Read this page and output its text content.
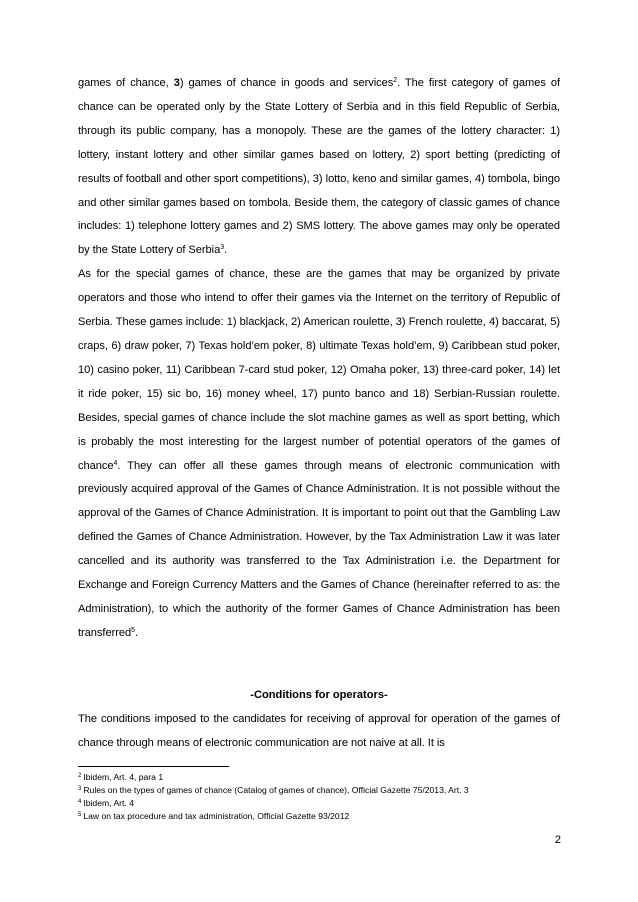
games of chance, 3) games of chance in goods and services$^2$. The first category of games of chance can be operated only by the State Lottery of Serbia and in this field Republic of Serbia, through its public company, has a monopoly. These are the games of the lottery character: 1) lottery, instant lottery and other similar games based on lottery, 2) sport betting (predicting of results of football and other sport competitions), 3) lotto, keno and similar games, 4) tombola, bingo and other similar games based on tombola. Beside them, the category of classic games of chance includes: 1) telephone lottery games and 2) SMS lottery. The above games may only be operated by the State Lottery of Serbia$^3$.

As for the special games of chance, these are the games that may be organized by private operators and those who intend to offer their games via the Internet on the territory of Republic of Serbia. These games include: 1) blackjack, 2) American roulette, 3) French roulette, 4) baccarat, 5) craps, 6) draw poker, 7) Texas hold’em poker, 8) ultimate Texas hold’em, 9) Caribbean stud poker, 10) casino poker, 11) Caribbean 7-card stud poker, 12) Omaha poker, 13) three-card poker, 14) let it ride poker, 15) sic bo, 16) money wheel, 17) punto banco and 18) Serbian-Russian roulette. Besides, special games of chance include the slot machine games as well as sport betting, which is probably the most interesting for the largest number of potential operators of the games of chance$^4$. They can offer all these games through means of electronic communication with previously acquired approval of the Games of Chance Administration. It is not possible without the approval of the Games of Chance Administration. It is important to point out that the Gambling Law defined the Games of Chance Administration. However, by the Tax Administration Law it was later cancelled and its authority was transferred to the Tax Administration i.e. the Department for Exchange and Foreign Currency Matters and the Games of Chance (hereinafter referred to as: the Administration), to which the authority of the former Games of Chance Administration has been transferred$^5$.

-Conditions for operators-

The conditions imposed to the candidates for receiving of approval for operation of the games of chance through means of electronic communication are not naive at all. It is

$^2$ Ibidem, Art. 4, para 1
$^3$ Rules on the types of games of chance (Catalog of games of chance), Official Gazette 75/2013, Art. 3
$^4$ Ibidem, Art. 4
$^5$ Law on tax procedure and tax administration, Official Gazette 93/2012
2
